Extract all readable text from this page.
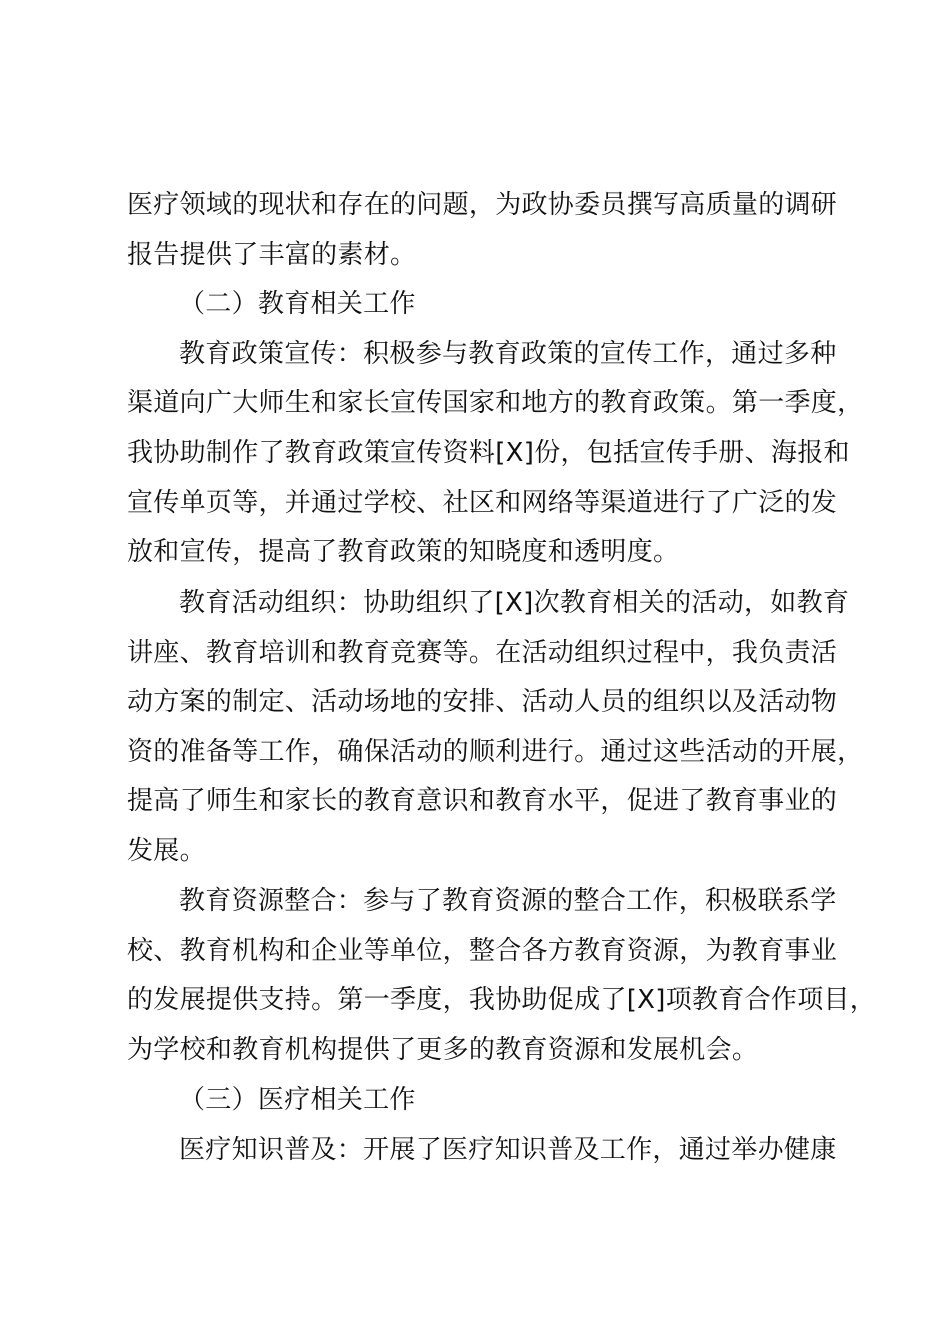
医疗领域的现状和存在的问题，为政协委员撰写高质量的调研
报告提供了丰富的素材。
（二）教育相关工作
教育政策宣传：积极参与教育政策的宣传工作，通过多种
渠道向广大师生和家长宣传国家和地方的教育政策。第一季度，
我协助制作了教育政策宣传资料[X]份，包括宣传手册、海报和
宣传单页等，并通过学校、社区和网络等渠道进行了广泛的发
放和宣传，提高了教育政策的知晓度和透明度。
教育活动组织：协助组织了[X]次教育相关的活动，如教育
讲座、教育培训和教育竞赛等。在活动组织过程中，我负责活
动方案的制定、活动场地的安排、活动人员的组织以及活动物
资的准备等工作，确保活动的顺利进行。通过这些活动的开展，
提高了师生和家长的教育意识和教育水平，促进了教育事业的
发展。
教育资源整合：参与了教育资源的整合工作，积极联系学
校、教育机构和企业等单位，整合各方教育资源，为教育事业
的发展提供支持。第一季度，我协助促成了[X]项教育合作项目，
为学校和教育机构提供了更多的教育资源和发展机会。
（三）医疗相关工作
医疗知识普及：开展了医疗知识普及工作，通过举办健康
